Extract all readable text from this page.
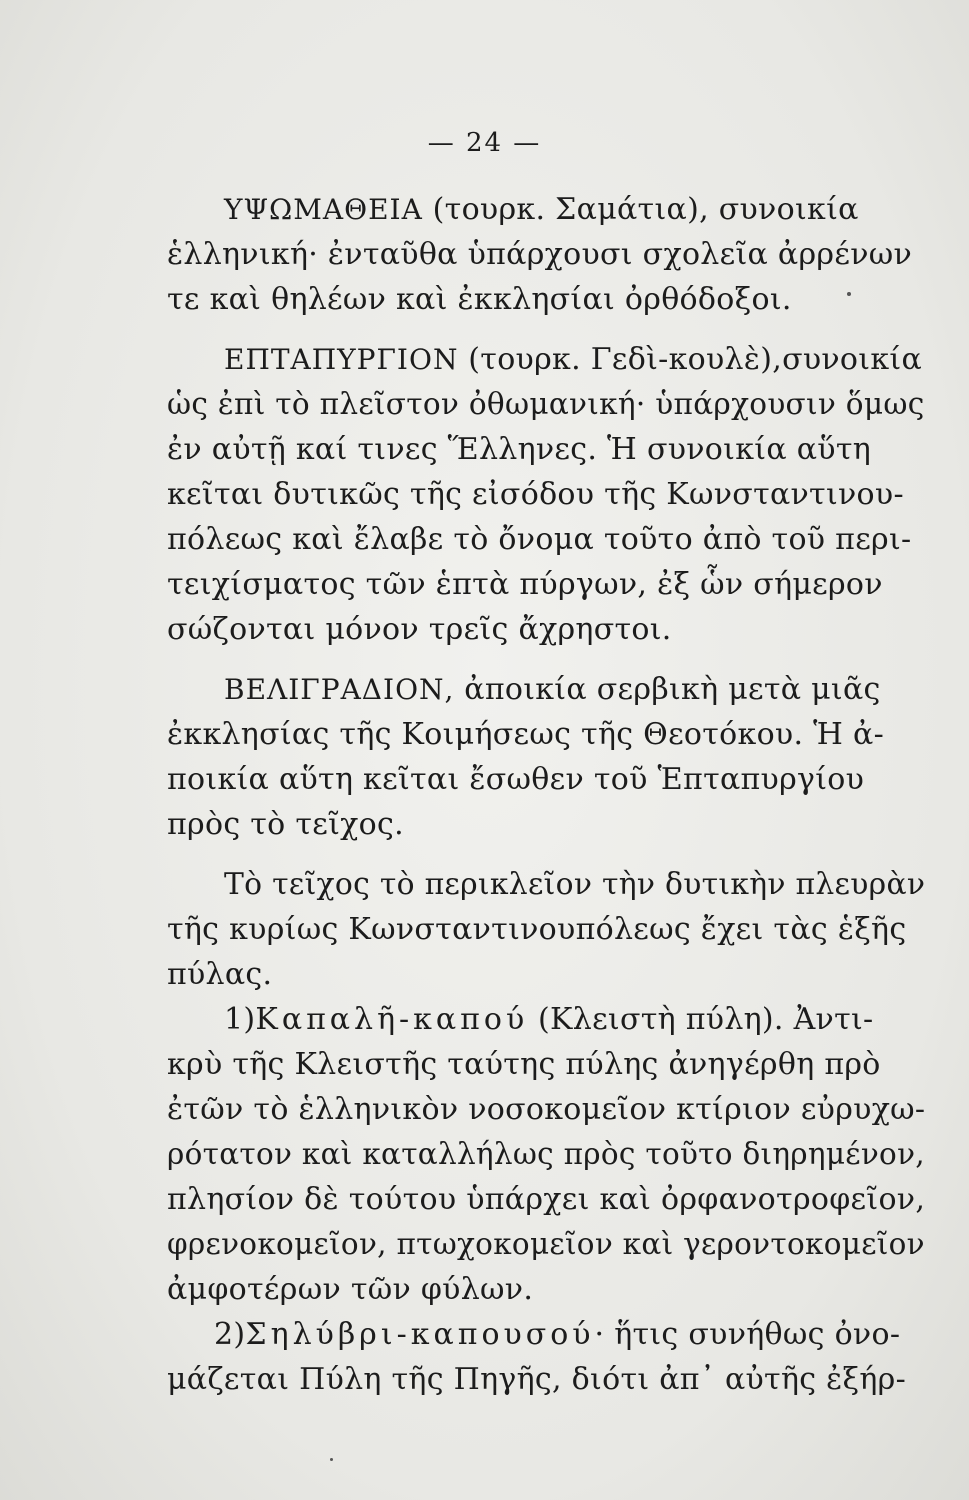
— 24 —
ΥΨΩΜΑΘΕΙΑ (τουρκ. Σαμάτια), συνοικία
ἑλληνική· ἐνταῦθα ὑπάρχουσι σχολεῖα ἀρρένων
τε καὶ θηλέων καὶ ἐκκλησίαι ὀρθόδοξοι.
ΕΠΤΑΠΥΡΓΙΟΝ (τουρκ. Γεδὶ-κουλὲ),συνοικία
ὡς ἐπὶ τὸ πλεῖστον ὀθωμανική· ὑπάρχουσιν ὅμως
ἐν αὐτῇ καί τινες Ἕλληνες. Ἡ συνοικία αὕτη
κεῖται δυτικῶς τῆς εἰσόδου τῆς Κωνσταντινου-
πόλεως καὶ ἔλαβε τὸ ὄνομα τοῦτο ἀπὸ τοῦ περι-
τειχίσματος τῶν ἑπτὰ πύργων, ἐξ ὧν σήμερον
σώζονται μόνον τρεῖς ἄχρηστοι.
ΒΕΛΙΓΡΑΔΙΟΝ, ἀποικία σερβικὴ μετὰ μιᾶς
ἐκκλησίας τῆς Κοιμήσεως τῆς Θεοτόκου. Ἡ ἀ-
ποικία αὕτη κεῖται ἔσωθεν τοῦ Ἑπταπυργίου
πρὸς τὸ τεῖχος.
Τὸ τεῖχος τὸ περικλεῖον τὴν δυτικὴν πλευρὰν
τῆς κυρίως Κωνσταντινουπόλεως ἔχει τὰς ἑξῆς
πύλας.
1)Καπαλῆ-καπού (Κλειστὴ πύλη). Ἀντι-
κρὺ τῆς Κλειστῆς ταύτης πύλης ἀνηγέρθη πρὸ
ἐτῶν τὸ ἑλληνικὸν νοσοκομεῖον κτίριον εὐρυχω-
ρότατον καὶ καταλλήλως πρὸς τοῦτο διηρημένον,
πλησίον δὲ τούτου ὑπάρχει καὶ ὀρφανοτροφεῖον,
φρενοκομεῖον, πτωχοκομεῖον καὶ γεροντοκομεῖον
ἀμφοτέρων τῶν φύλων.
2)Σηλύβρι-καπουσού· ἥτις συνήθως ὀνο-
μάζεται Πύλη τῆς Πηγῆς, διότι ἀπ᾽ αὐτῆς ἐξήρ-
